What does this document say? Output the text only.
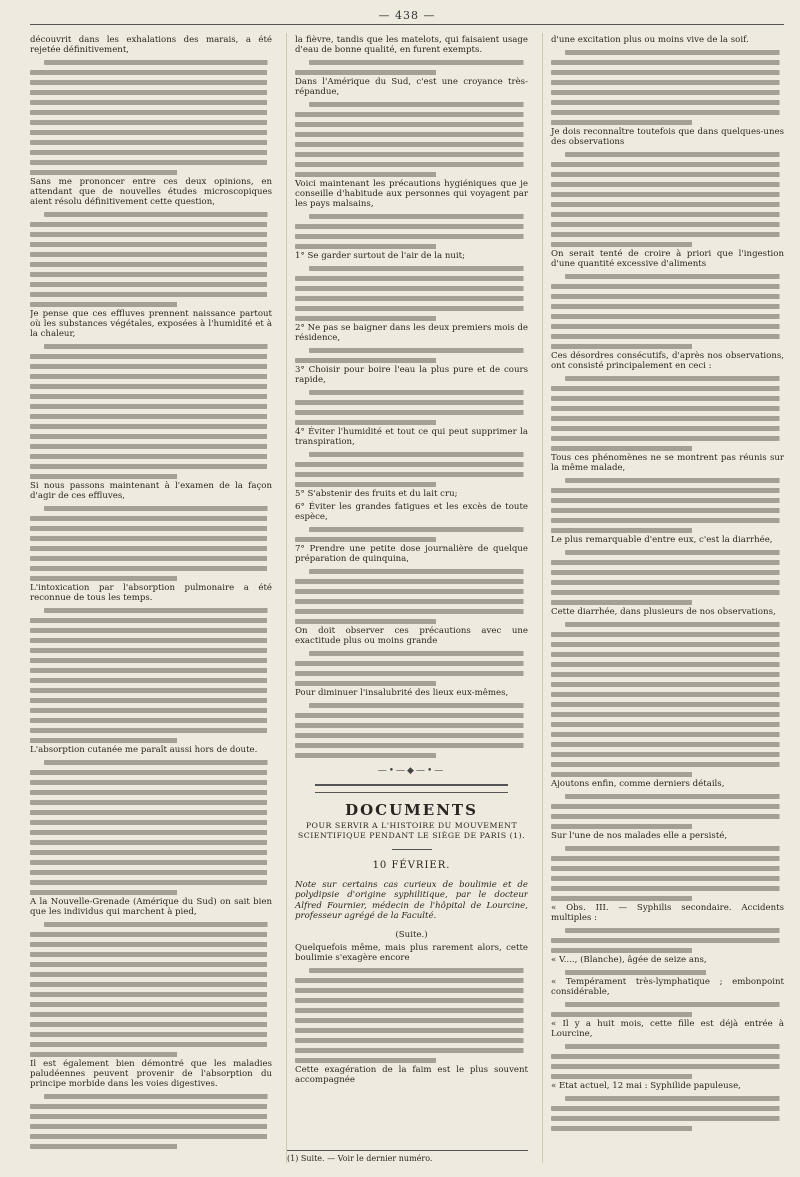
— 438 —

découvrit dans les exhalations des marais, a été rejetée définitivement,

Sans me prononcer entre ces deux opinions, en attendant que de nouvelles études microscopiques aient résolu définitivement cette question,

Je pense que ces effluves prennent naissance partout où les substances végétales, exposées à l'humidité et à la chaleur,

Si nous passons maintenant à l'examen de la façon d'agir de ces effluves,

L'intoxication par l'absorption pulmonaire a été reconnue de tous les temps.

L'absorption cutanée me paraît aussi hors de doute.

A la Nouvelle-Grenade (Amérique du Sud) on sait bien que les individus qui marchent à pied,

Il est également bien démontré que les maladies paludéennes peuvent provenir de l'absorption du principe morbide dans les voies digestives.

la fièvre, tandis que les matelots, qui faisaient usage d'eau de bonne qualité, en furent exempts.

Dans l'Amérique du Sud, c'est une croyance très-répandue,

Voici maintenant les précautions hygiéniques que je conseille d'habitude aux personnes qui voyagent par les pays malsains,

1° Se garder surtout de l'air de la nuit;

2° Ne pas se baigner dans les deux premiers mois de résidence,

3° Choisir pour boire l'eau la plus pure et de cours rapide,

4° Éviter l'humidité et tout ce qui peut supprimer la transpiration,

5° S'abstenir des fruits et du lait cru;

6° Éviter les grandes fatigues et les excès de toute espèce,

7° Prendre une petite dose journalière de quelque préparation de quinquina,

On doit observer ces précautions avec une exactitude plus ou moins grande

Pour diminuer l'insalubrité des lieux eux-mêmes,

—•—◆—•—
DOCUMENTS
POUR SERVIR A L'HISTOIRE DU MOUVEMENT SCIENTIFIQUE PENDANT LE SIÈGE DE PARIS (1).
10 FÉVRIER.

Note sur certains cas curieux de boulimie et de polydipsie d'origine syphilitique, par le docteur Alfred Fournier, médecin de l'hôpital de Lourcine, professeur agrégé de la Faculté.

(Suite.)

Quelquefois même, mais plus rarement alors, cette boulimie s'exagère encore

Cette exagération de la faim est le plus souvent accompagnée

(1) Suite. — Voir le dernier numéro.

d'une excitation plus ou moins vive de la soif.

Je dois reconnaître toutefois que dans quelques-unes des observations

On serait tenté de croire à priori que l'ingestion d'une quantité excessive d'aliments

Ces désordres consécutifs, d'après nos observations, ont consisté principalement en ceci :

Tous ces phénomènes ne se montrent pas réunis sur la même malade,

Le plus remarquable d'entre eux, c'est la diarrhée,

Cette diarrhée, dans plusieurs de nos observations,

Ajoutons enfin, comme derniers détails,

Sur l'une de nos malades elle a persisté,

« Obs. III. — Syphilis secondaire. Accidents multiples :

« V...., (Blanche), âgée de seize ans,

« Tempérament très-lymphatique ; embonpoint considérable,

« Il y a huit mois, cette fille est déjà entrée à Lourcine,

« Etat actuel, 12 mai : Syphilide papuleuse,
